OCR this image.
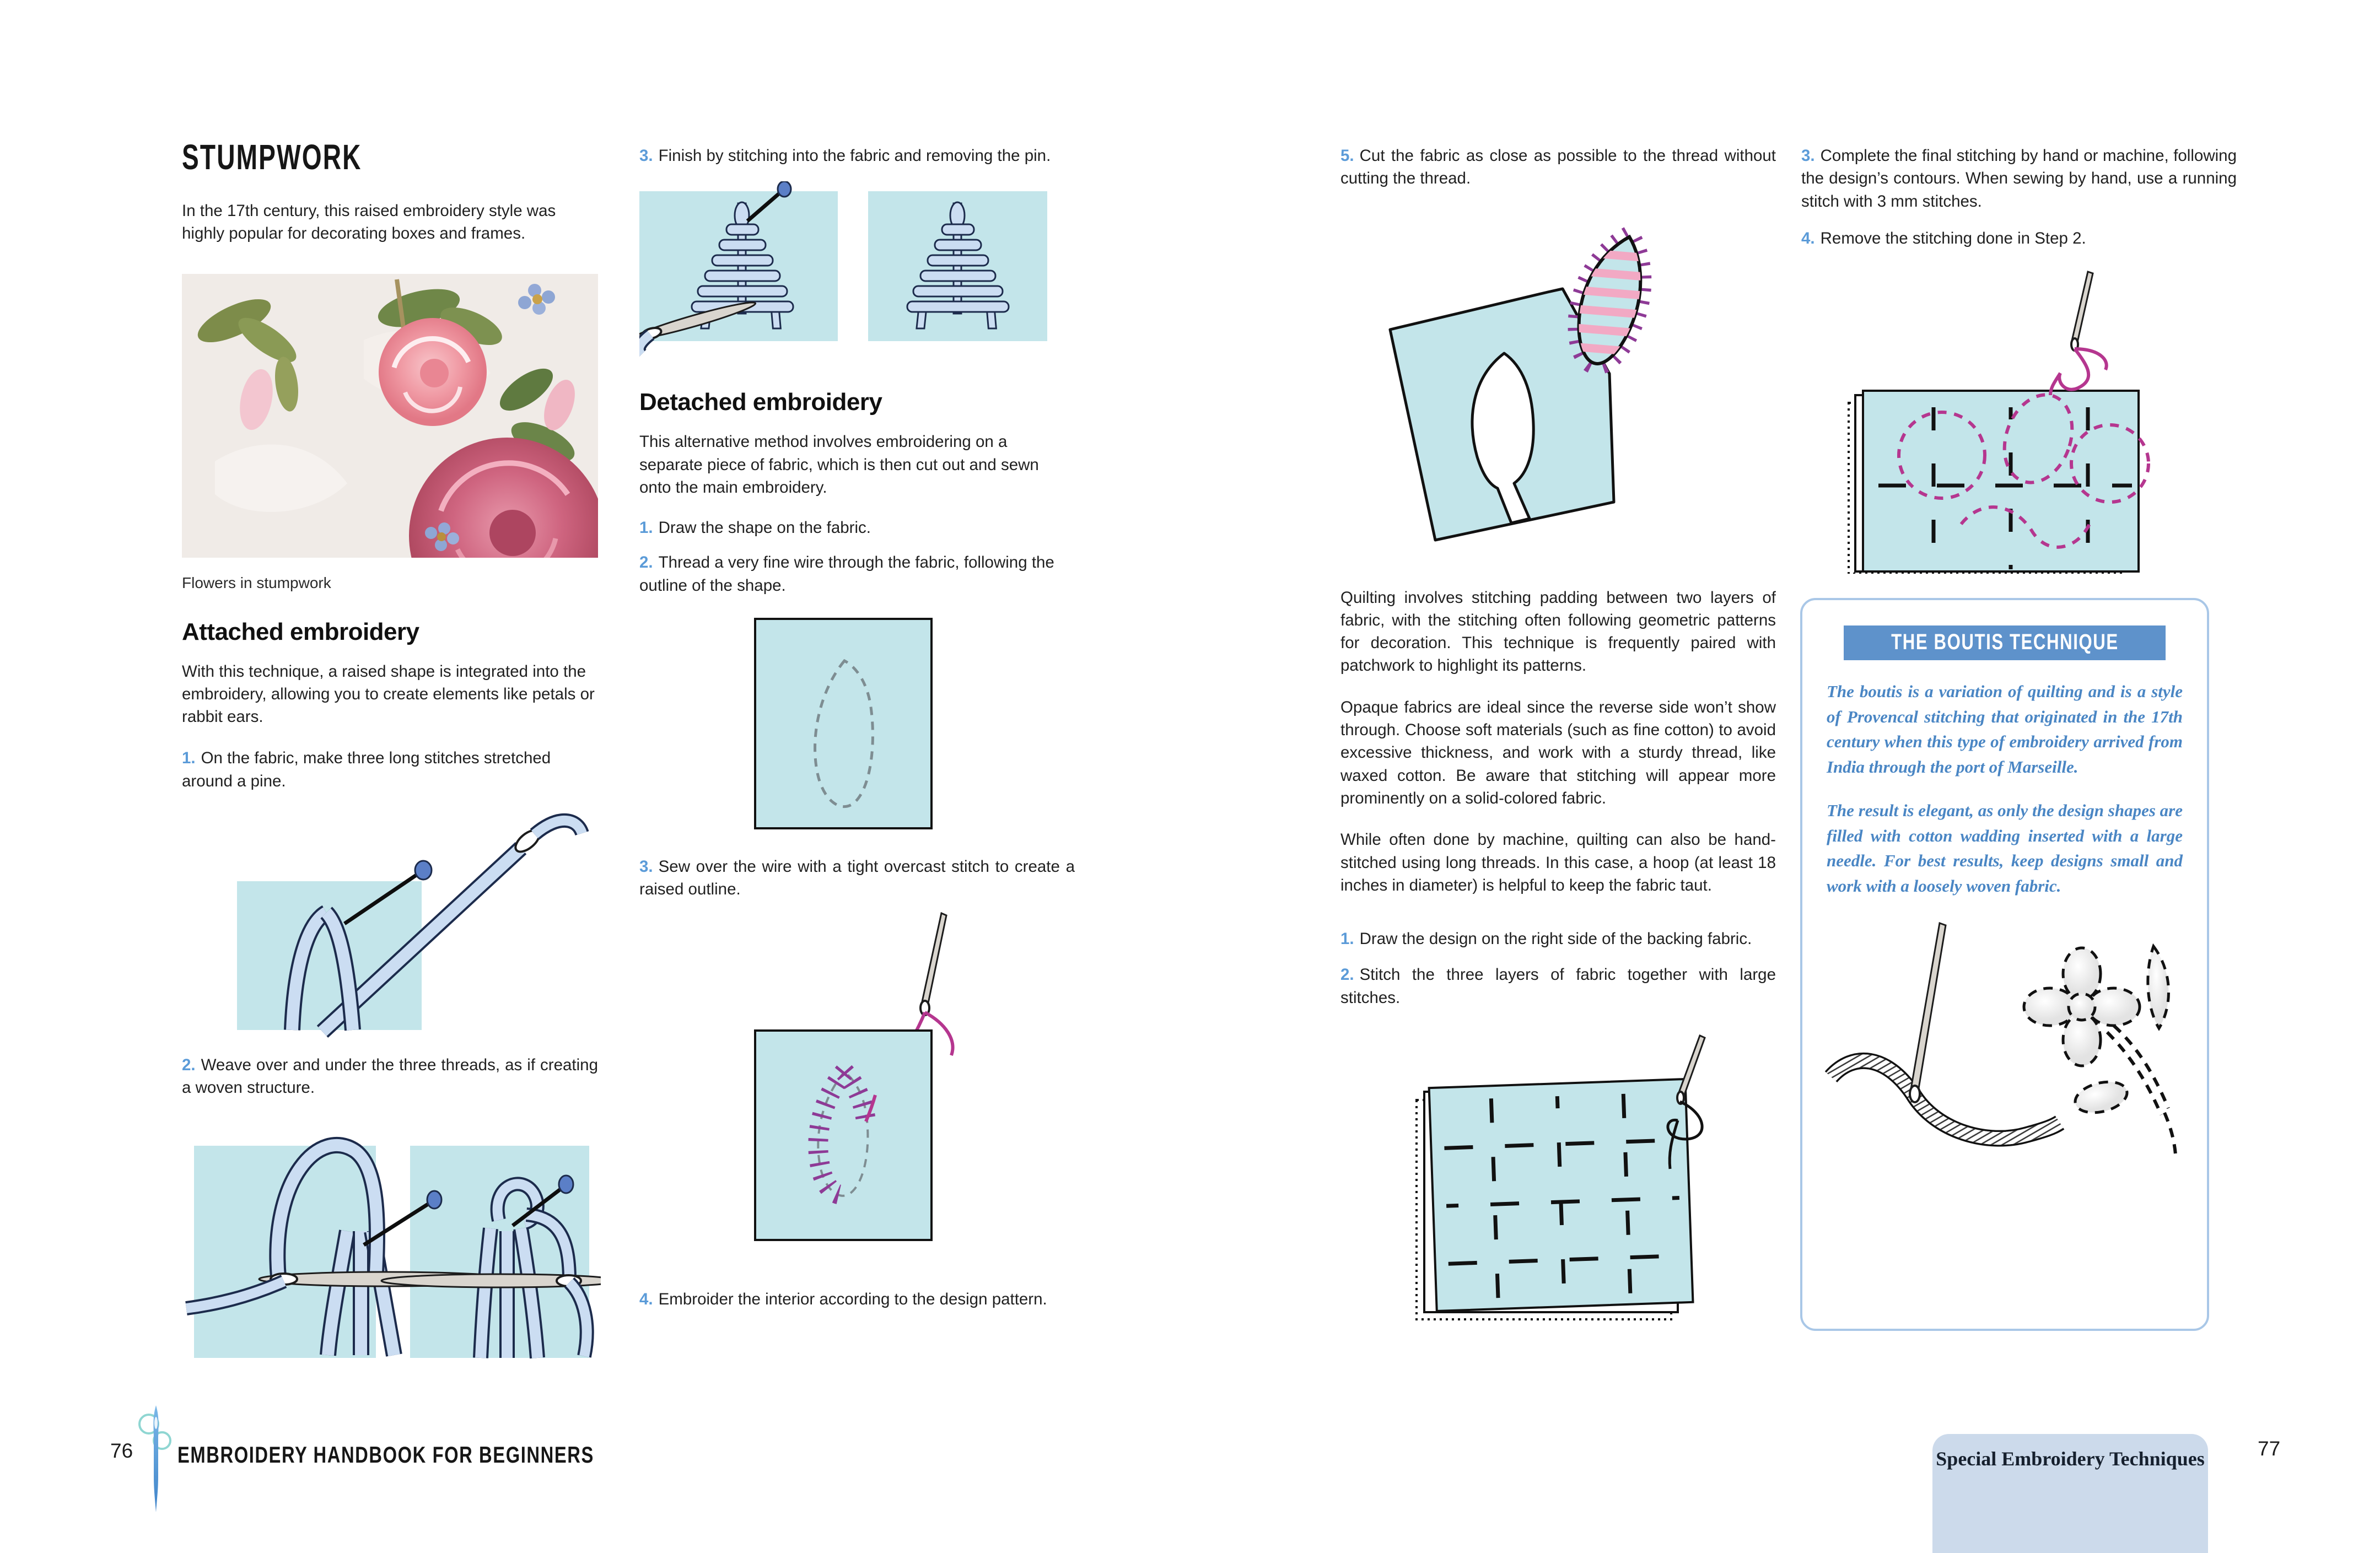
STUMPWORK

In the 17th century, this raised embroidery style was highly popular for decorating boxes and frames.

Flowers in stumpwork

Attached embroidery

With this technique, a raised shape is integrated into the embroidery, allowing you to create elements like petals or rabbit ears.

1. On the fabric, make three long stitches stretched around a pine.

2. Weave over and under the three threads, as if creating a woven structure.

3. Finish by stitching into the fabric and removing the pin.

Detached embroidery

This alternative method involves embroidering on a separate piece of fabric, which is then cut out and sewn onto the main embroidery.

1. Draw the shape on the fabric.

2. Thread a very fine wire through the fabric, following the outline of the shape.

3. Sew over the wire with a tight overcast stitch to create a raised outline.

4. Embroider the interior according to the design pattern.

5. Cut the fabric as close as possible to the thread without cutting the thread.

Quilting involves stitching padding between two layers of fabric, with the stitching often following geometric patterns for decoration. This technique is frequently paired with patchwork to highlight its patterns.

Opaque fabrics are ideal since the reverse side won’t show through. Choose soft materials (such as fine cotton) to avoid excessive thickness, and work with a sturdy thread, like waxed cotton. Be aware that stitching will appear more prominently on a solid-colored fabric.

While often done by machine, quilting can also be hand-stitched using long threads. In this case, a hoop (at least 18 inches in diameter) is helpful to keep the fabric taut.

1. Draw the design on the right side of the backing fabric.

2. Stitch the three layers of fabric together with large stitches.

3. Complete the final stitching by hand or machine, following the design’s contours. When sewing by hand, use a running stitch with 3 mm stitches.

4. Remove the stitching done in Step 2.

THE BOUTIS TECHNIQUE

The boutis is a variation of quilting and is a style of Provencal stitching that originated in the 17th century when this type of embroidery arrived from India through the port of Marseille.

The result is elegant, as only the design shapes are filled with cotton wadding inserted with a large needle. For best results, keep designs small and work with a loosely woven fabric.

76 EMBROIDERY HANDBOOK FOR BEGINNERS	Special Embroidery Techniques	77
